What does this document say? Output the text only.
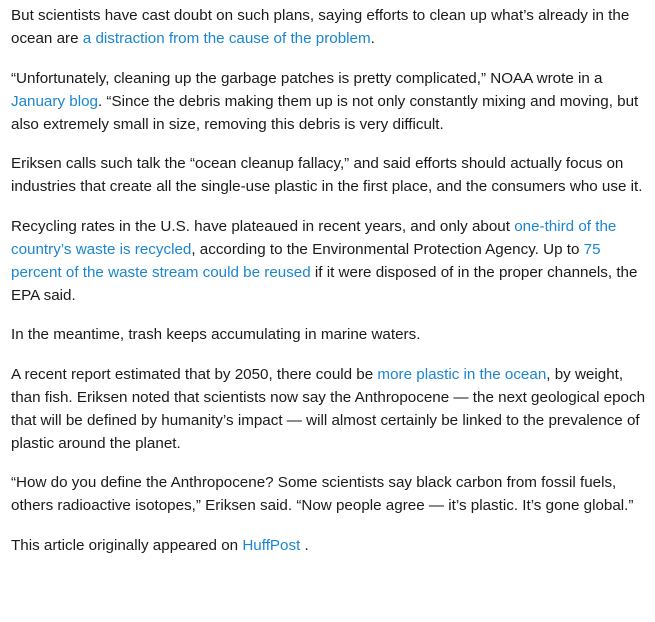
But scientists have cast doubt on such plans, saying efforts to clean up what’s already in the ocean are a distraction from the cause of the problem.

“Unfortunately, cleaning up the garbage patches is pretty complicated,” NOAA wrote in a January blog. “Since the debris making them up is not only constantly mixing and moving, but also extremely small in size, removing this debris is very difficult.

Eriksen calls such talk the “ocean cleanup fallacy,” and said efforts should actually focus on industries that create all the single-use plastic in the first place, and the consumers who use it.

Recycling rates in the U.S. have plateaued in recent years, and only about one-third of the country’s waste is recycled, according to the Environmental Protection Agency. Up to 75 percent of the waste stream could be reused if it were disposed of in the proper channels, the EPA said.

In the meantime, trash keeps accumulating in marine waters.

A recent report estimated that by 2050, there could be more plastic in the ocean, by weight, than fish. Eriksen noted that scientists now say the Anthropocene — the next geological epoch that will be defined by humanity’s impact — will almost certainly be linked to the prevalence of plastic around the planet.

“How do you define the Anthropocene? Some scientists say black carbon from fossil fuels, others radioactive isotopes,” Eriksen said. “Now people agree — it’s plastic. It’s gone global.”

This article originally appeared on HuffPost .
